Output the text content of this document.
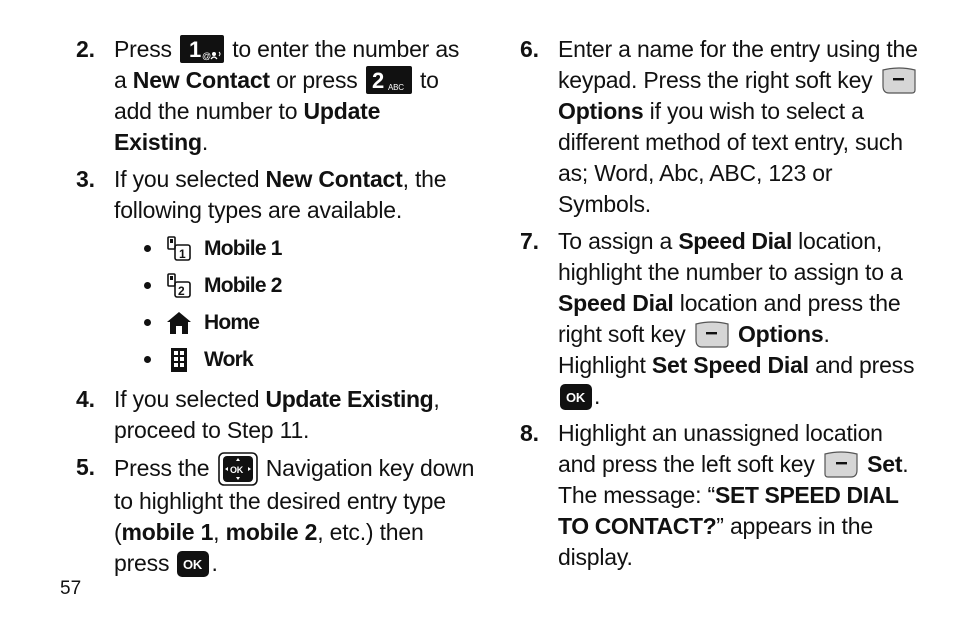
2. Press 1 @ to enter the number as a New Contact or press 2 ABC to add the number to Update Existing.
3. If you selected New Contact, the following types are available.
1 Mobile 1
2 Mobile 2
Home
Work
4. If you selected Update Existing, proceed to Step 11.
5. Press the OK Navigation key down to highlight the desired entry type (mobile 1, mobile 2, etc.) then press OK .
6. Enter a name for the entry using the keypad. Press the right soft key  Options if you wish to select a different method of text entry, such as; Word, Abc, ABC, 123 or Symbols.
7. To assign a Speed Dial location, highlight the number to assign to a Speed Dial location and press the right soft key  Options. Highlight Set Speed Dial and press
OK .
8. Highlight an unassigned location and press the left soft key  Set. The message: “SET SPEED DIAL TO CONTACT?” appears in the display.
57
